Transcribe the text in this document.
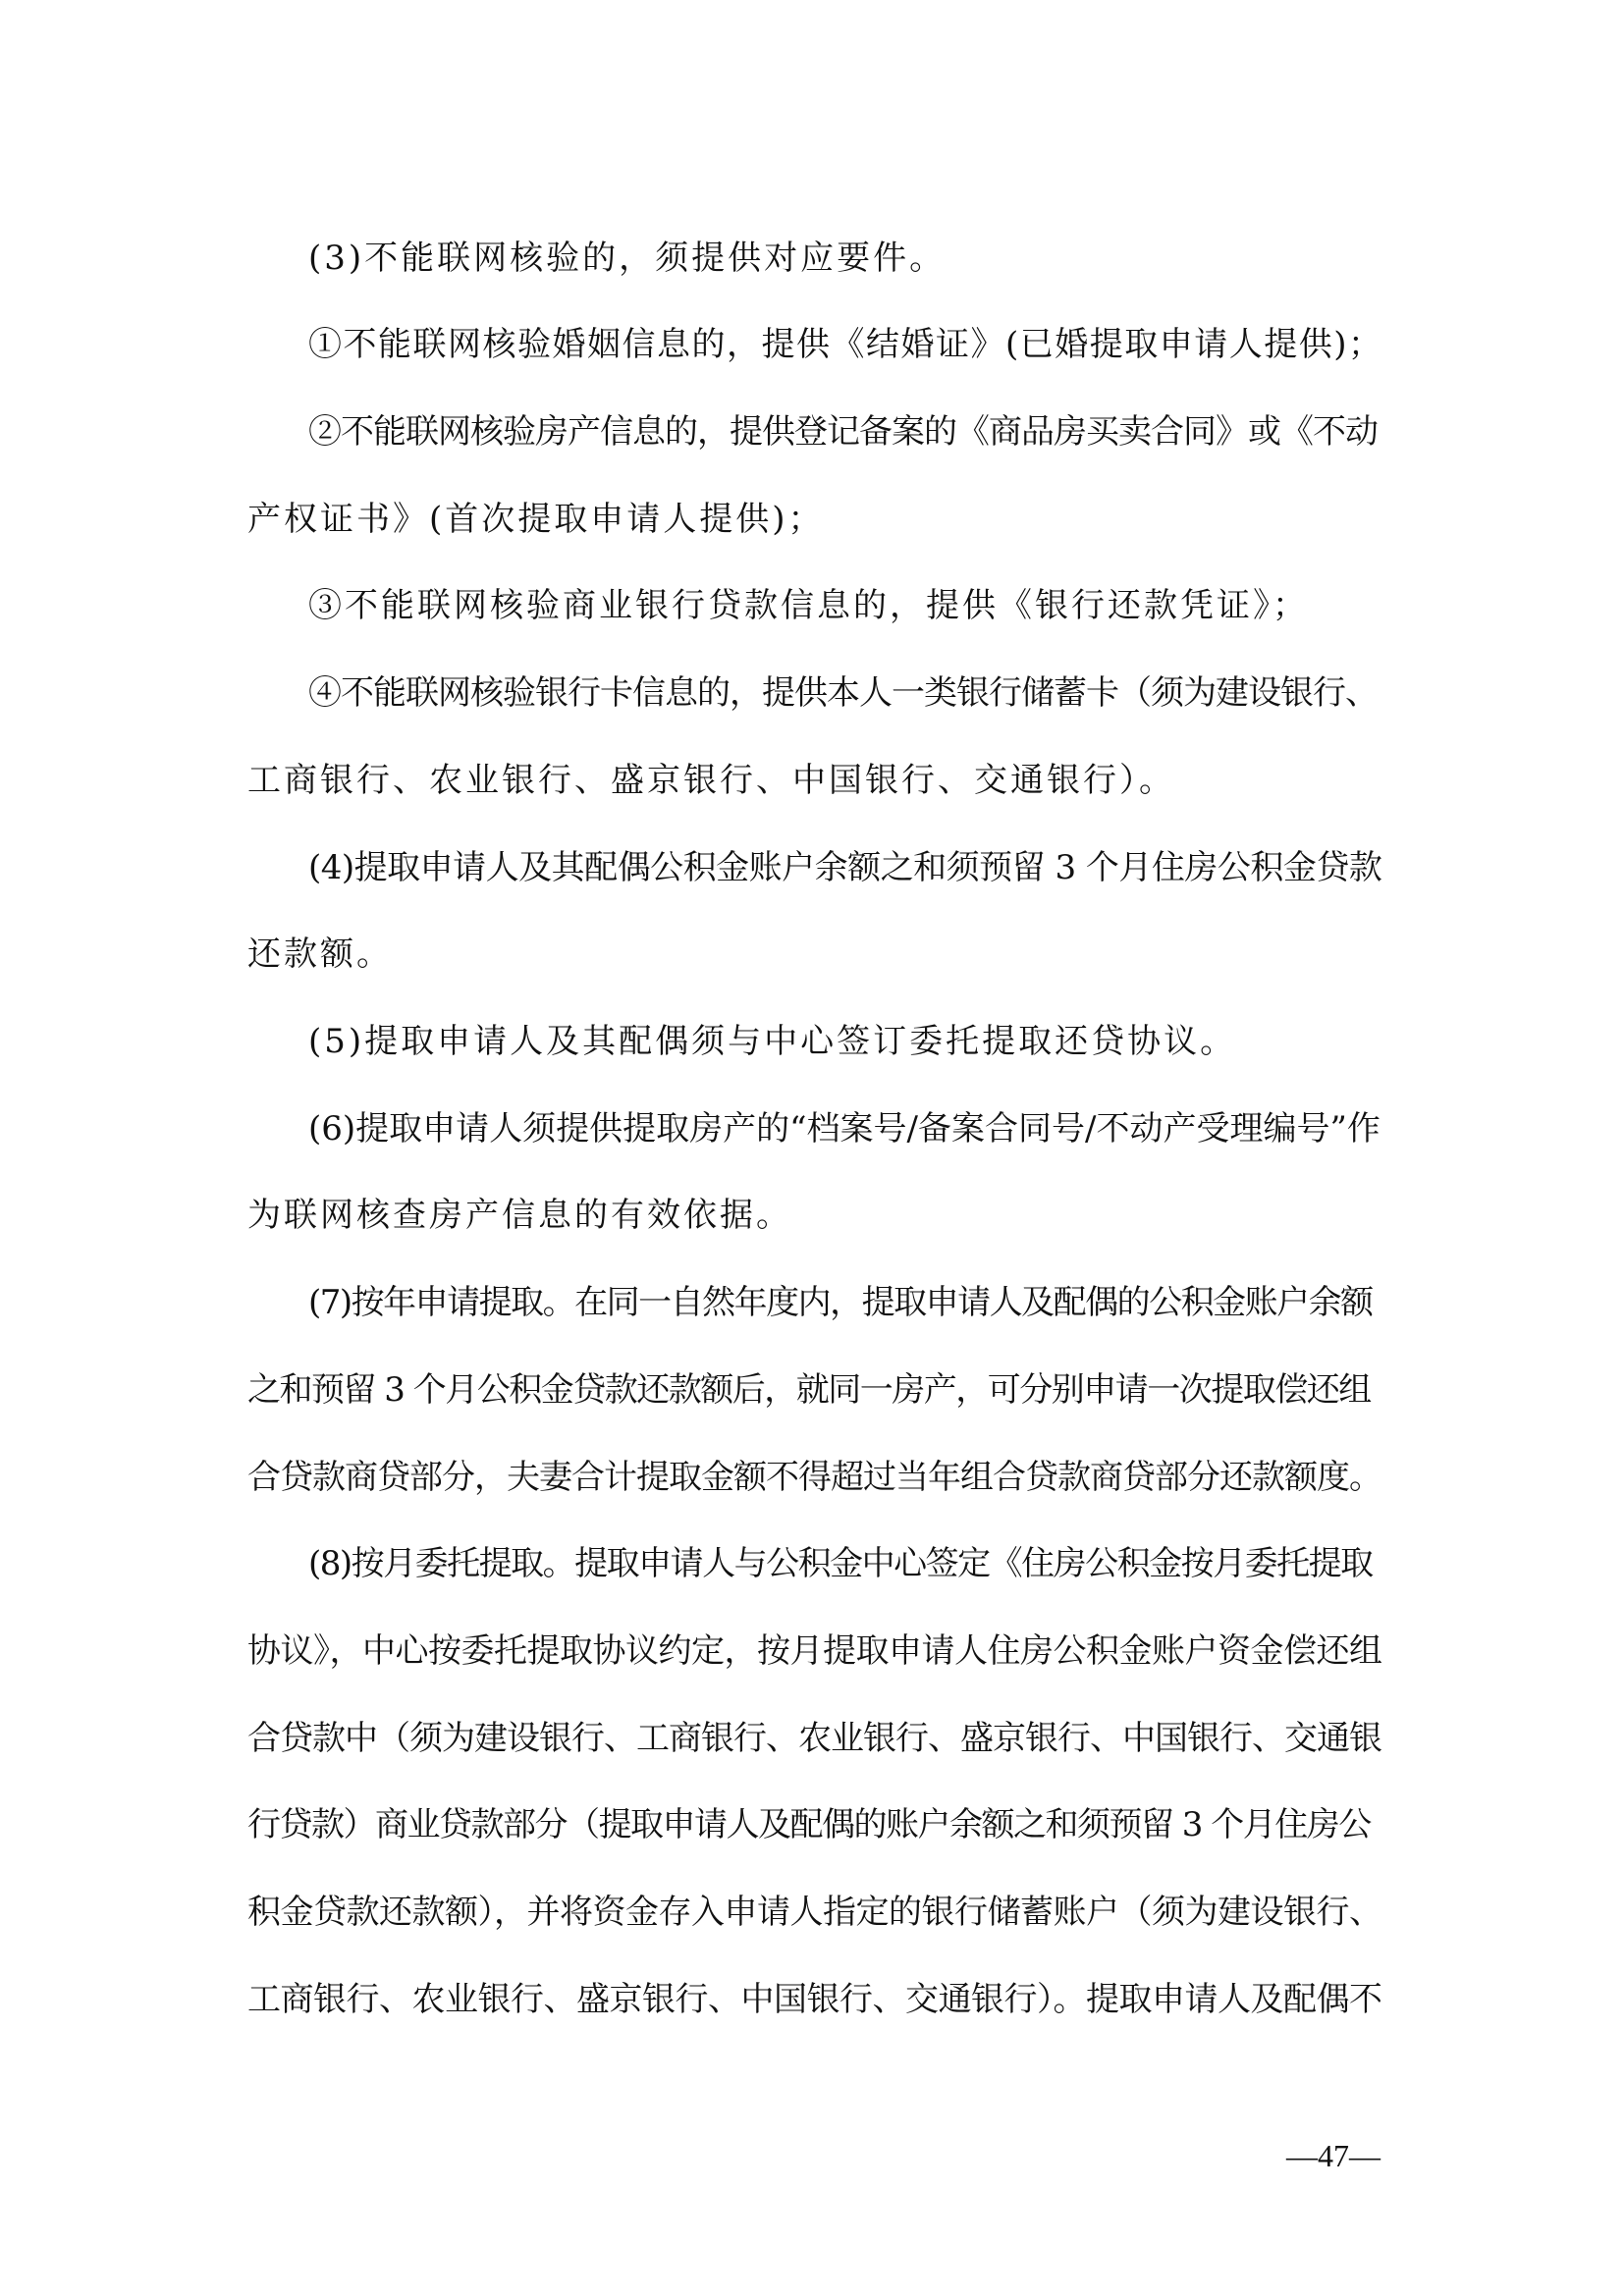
(3)不能联网核验的，须提供对应要件。

①不能联网核验婚姻信息的，提供《结婚证》(已婚提取申请人提供)；

②不能联网核验房产信息的，提供登记备案的《商品房买卖合同》或《不动

产权证书》(首次提取申请人提供)；

③不能联网核验商业银行贷款信息的，提供《银行还款凭证》；

④不能联网核验银行卡信息的，提供本人一类银行储蓄卡（须为建设银行、

工商银行、农业银行、盛京银行、中国银行、交通银行）。

(4)提取申请人及其配偶公积金账户余额之和须预留 3 个月住房公积金贷款

还款额。

(5)提取申请人及其配偶须与中心签订委托提取还贷协议。

(6)提取申请人须提供提取房产的“档案号/备案合同号/不动产受理编号”作

为联网核查房产信息的有效依据。

(7)按年申请提取。在同一自然年度内，提取申请人及配偶的公积金账户余额

之和预留 3 个月公积金贷款还款额后，就同一房产，可分别申请一次提取偿还组

合贷款商贷部分，夫妻合计提取金额不得超过当年组合贷款商贷部分还款额度。

(8)按月委托提取。提取申请人与公积金中心签定《住房公积金按月委托提取

协议》，中心按委托提取协议约定，按月提取申请人住房公积金账户资金偿还组

合贷款中（须为建设银行、工商银行、农业银行、盛京银行、中国银行、交通银

行贷款）商业贷款部分（提取申请人及配偶的账户余额之和须预留 3 个月住房公

积金贷款还款额），并将资金存入申请人指定的银行储蓄账户（须为建设银行、

工商银行、农业银行、盛京银行、中国银行、交通银行）。提取申请人及配偶不

—47—
